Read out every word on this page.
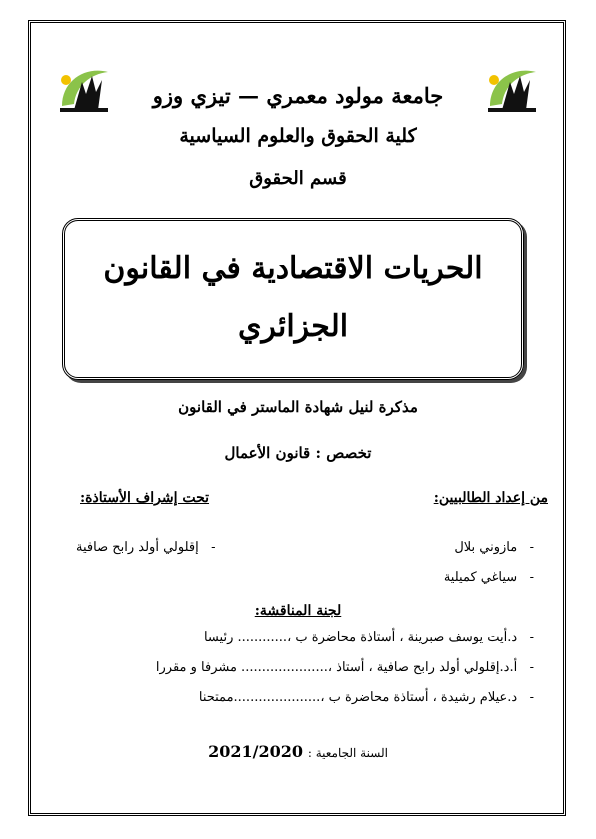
جامعة مولود معمري — تيزي وزو
كلية الحقوق والعلوم السياسية
قسم الحقوق
الحريات الاقتصادية في القانون
الجزائري
مذكرة لنيل شهادة الماستر في القانون
تخصص : قانون الأعمال
من إعداد الطالبيين:
تحت إشراف الأستاذة:
-   مازوني بلال
-   سياغي كميلية
-   إقلولي أولد رابح صافية
لجنة المناقشة:
-   د.أيت يوسف صبرينة ، أستاذة محاضرة ب ،............ رئيسا
-   أ.د.إقلولي أولد رابح صافية ، أستاذ ،..................... مشرفا و مقررا
-   د.عيلام رشيدة ، أستاذة محاضرة ب ،.....................ممتحنا
السنة الجامعية : 2021/2020
